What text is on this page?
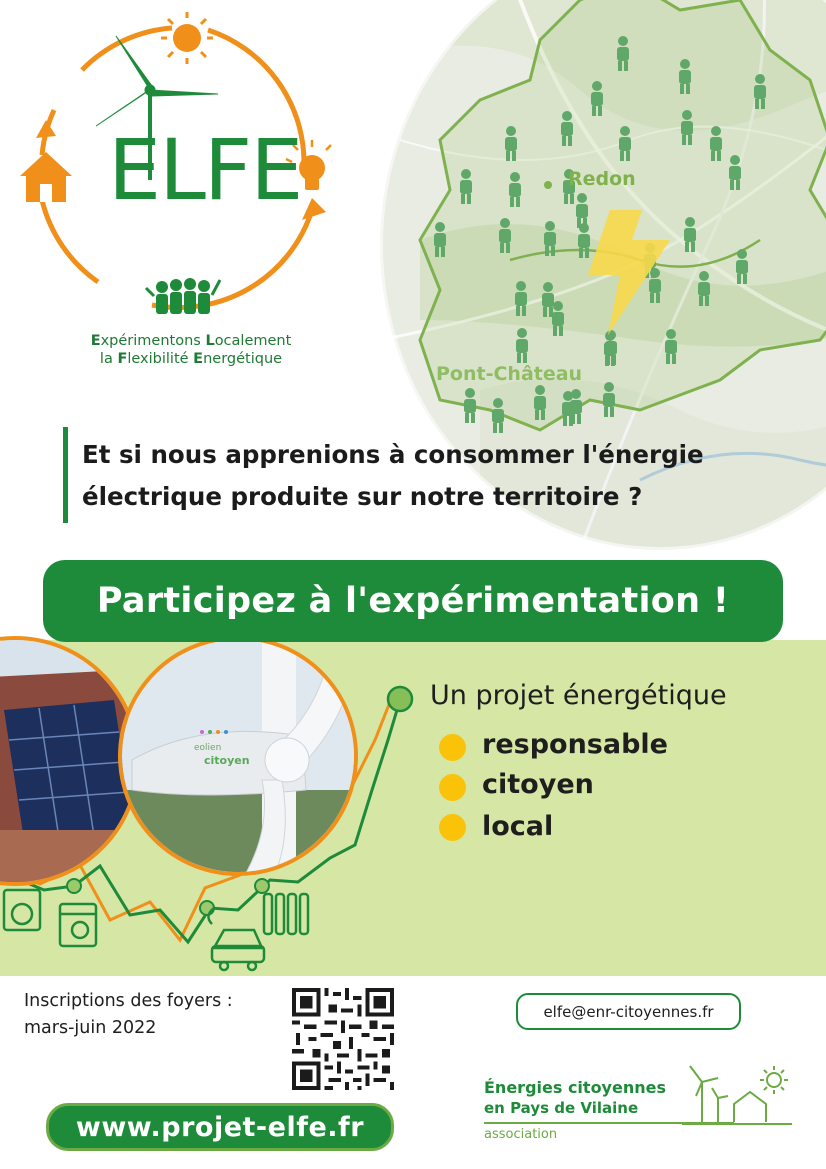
Redon
Pont-Château
ELFE
Expérimentons Localement
la Flexibilité Energétique
Et si nous apprenions à consommer l'énergie
électrique produite sur notre territoire ?
eolien
citoyen
Participez à l'expérimentation !
Un projet énergétique
responsable
citoyen
local
Inscriptions des foyers :
mars-juin 2022
elfe@enr-citoyennes.fr
www.projet-elfe.fr
Énergies citoyennes
en Pays de Vilaine
association
